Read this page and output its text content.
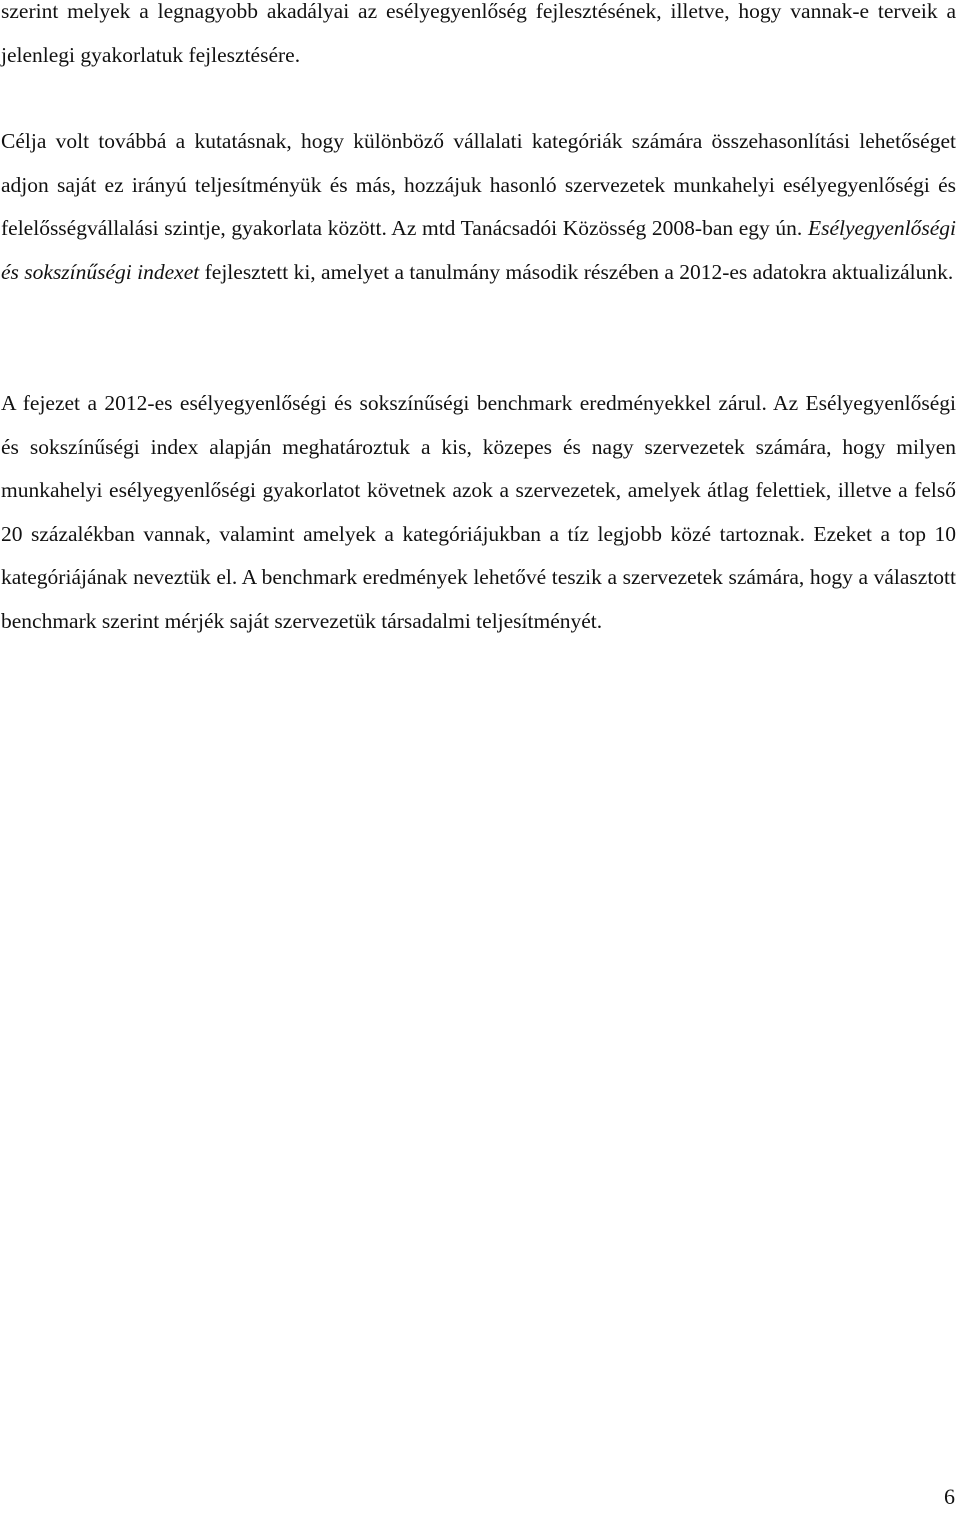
szerint melyek a legnagyobb akadályai az esélyegyenlőség fejlesztésének, illetve, hogy vannak-e terveik a jelenlegi gyakorlatuk fejlesztésére.

Célja volt továbbá a kutatásnak, hogy különböző vállalati kategóriák számára összehasonlítási lehetőséget adjon saját ez irányú teljesítményük és más, hozzájuk hasonló szervezetek munkahelyi esélyegyenlőségi és felelősségvállalási szintje, gyakorlata között. Az mtd Tanácsadói Közösség 2008-ban egy ún. Esélyegyenlőségi és sokszínűségi indexet fejlesztett ki, amelyet a tanulmány második részében a 2012-es adatokra aktualizálunk.

A fejezet a 2012-es esélyegyenlőségi és sokszínűségi benchmark eredményekkel zárul. Az Esélyegyenlőségi és sokszínűségi index alapján meghatároztuk a kis, közepes és nagy szervezetek számára, hogy milyen munkahelyi esélyegyenlőségi gyakorlatot követnek azok a szervezetek, amelyek átlag felettiek, illetve a felső 20 százalékban vannak, valamint amelyek a kategóriájukban a tíz legjobb közé tartoznak. Ezeket a top 10 kategóriájának neveztük el. A benchmark eredmények lehetővé teszik a szervezetek számára, hogy a választott benchmark szerint mérjék saját szervezetük társadalmi teljesítményét.

6
